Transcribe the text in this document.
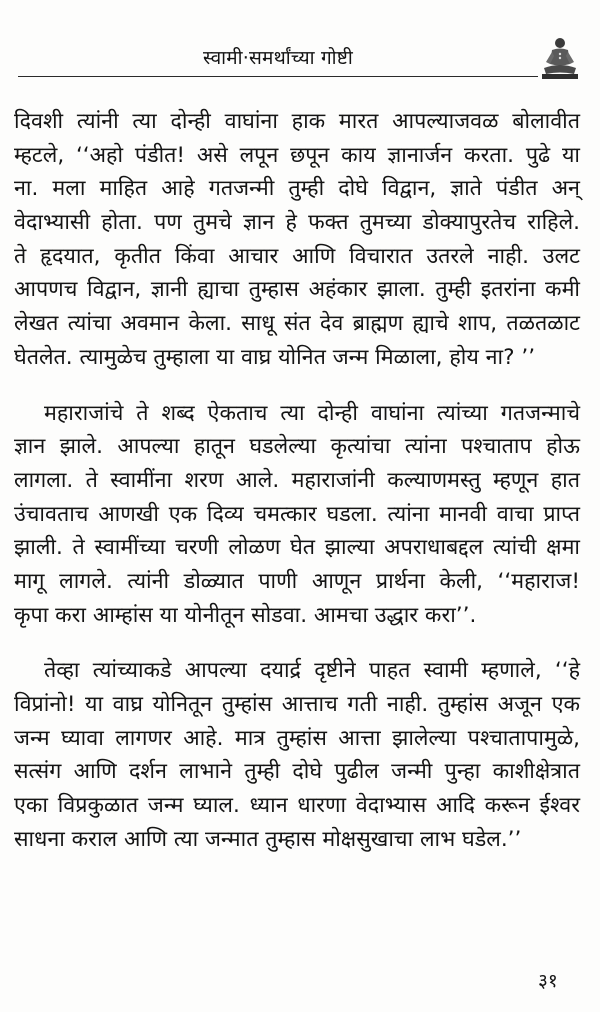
स्वामी·समर्थांच्या गोष्टी
दिवशी त्यांनी त्या दोन्ही वाघांना हाक मारत आपल्याजवळ बोलावीत
म्हटले, ‘‘अहो पंडीत! असे लपून छपून काय ज्ञानार्जन करता. पुढे या
ना. मला माहित आहे गतजन्मी तुम्ही दोघे विद्वान, ज्ञाते पंडीत अन्
वेदाभ्यासी होता. पण तुमचे ज्ञान हे फक्त तुमच्या डोक्यापुरतेच राहिले.
ते हृदयात, कृतीत किंवा आचार आणि विचारात उतरले नाही. उलट
आपणच विद्वान, ज्ञानी ह्याचा तुम्हास अहंकार झाला. तुम्ही इतरांना कमी
लेखत त्यांचा अवमान केला. साधू संत देव ब्राह्मण ह्याचे शाप, तळतळाट
घेतलेत. त्यामुळेच तुम्हाला या वाघ्र योनित जन्म मिळाला, होय ना? ’’
महाराजांचे ते शब्द ऐकताच त्या दोन्ही वाघांना त्यांच्या गतजन्माचे
ज्ञान झाले. आपल्या हातून घडलेल्या कृत्यांचा त्यांना पश्चाताप होऊ
लागला. ते स्वामींना शरण आले. महाराजांनी कल्याणमस्तु म्हणून हात
उंचावताच आणखी एक दिव्य चमत्कार घडला. त्यांना मानवी वाचा प्राप्त
झाली. ते स्वामींच्या चरणी लोळण घेत झाल्या अपराधाबद्दल त्यांची क्षमा
मागू लागले. त्यांनी डोळ्यात पाणी आणून प्रार्थना केली, ‘‘महाराज!
कृपा करा आम्हांस या योनीतून सोडवा. आमचा उद्धार करा’’.
तेव्हा त्यांच्याकडे आपल्या दयार्द्र दृष्टीने पाहत स्वामी म्हणाले, ‘‘हे
विप्रांनो! या वाघ्र योनितून तुम्हांस आत्ताच गती नाही. तुम्हांस अजून एक
जन्म घ्यावा लागणर आहे. मात्र तुम्हांस आत्ता झालेल्या पश्चातापामुळे,
सत्संग आणि दर्शन लाभाने तुम्ही दोघे पुढील जन्मी पुन्हा काशीक्षेत्रात
एका विप्रकुळात जन्म घ्याल. ध्यान धारणा वेदाभ्यास आदि करून ईश्वर
साधना कराल आणि त्या जन्मात तुम्हास मोक्षसुखाचा लाभ घडेल.’’
३१
